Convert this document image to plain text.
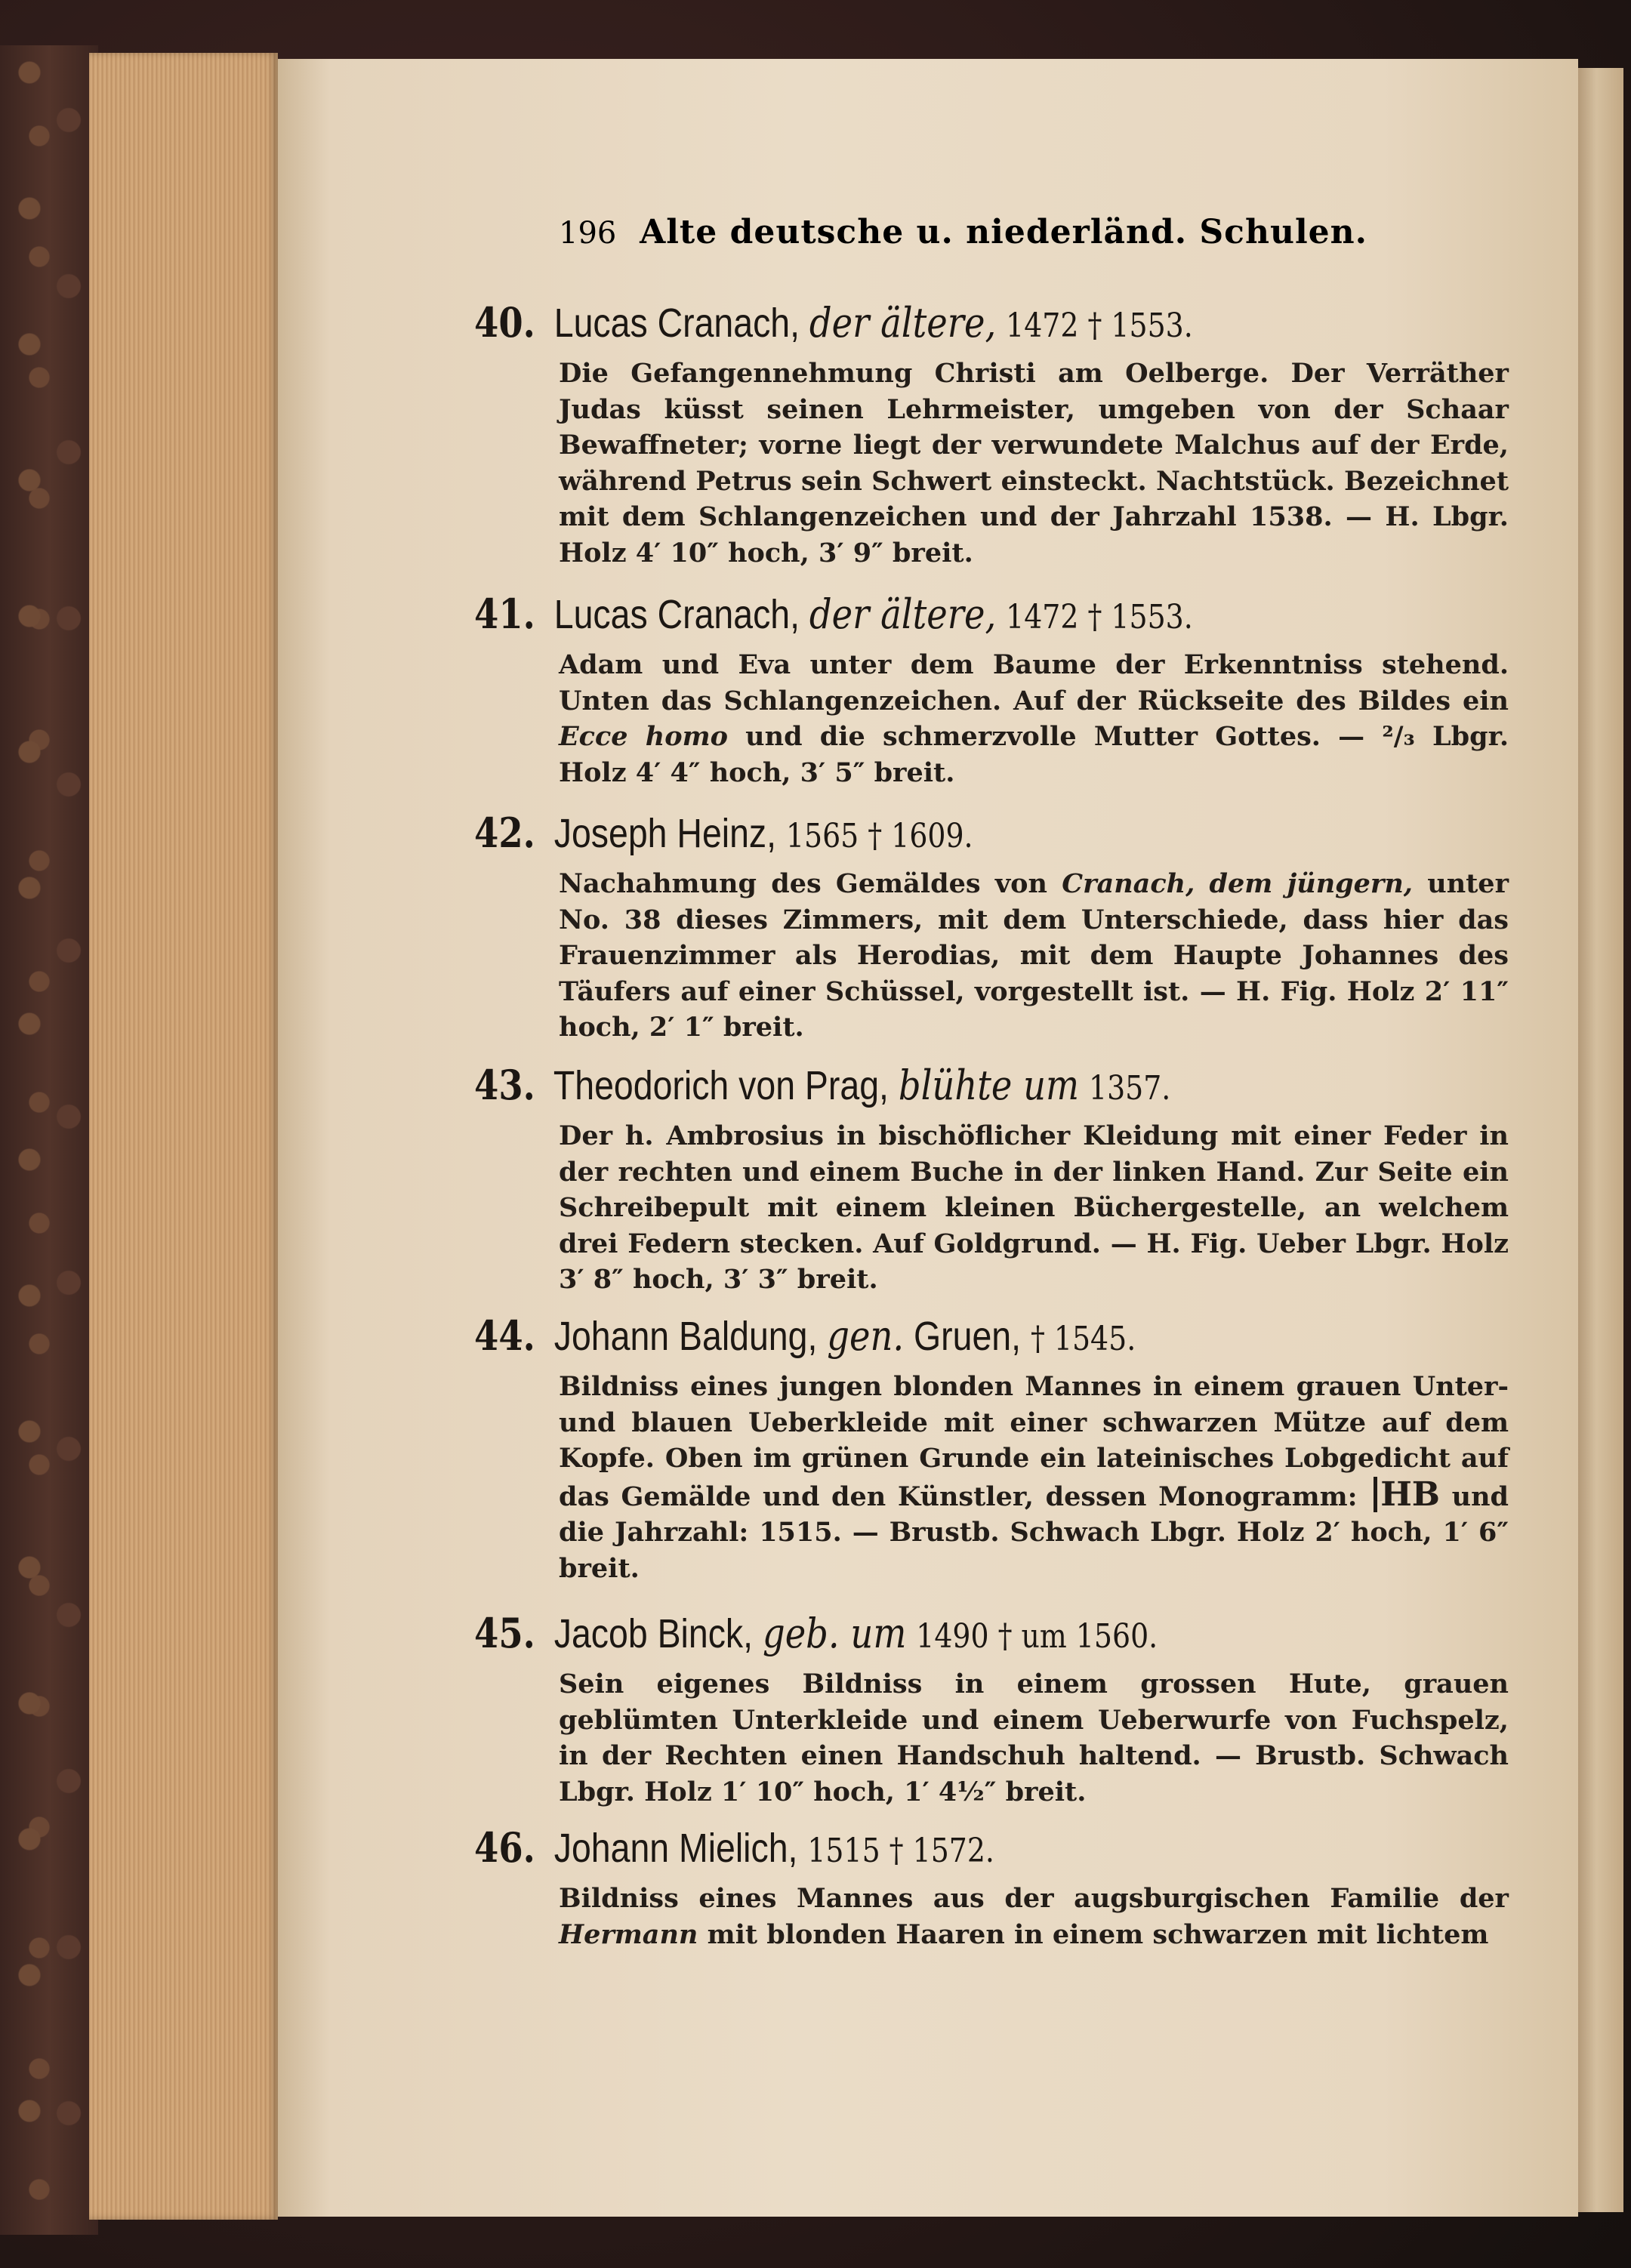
196 Alte deutsche u. niederländ. Schulen.
40. Lucas Cranach, der ältere, 1472 † 1553.

Die Gefangennehmung Christi am Oelberge. Der Verräther Judas küsst seinen Lehrmeister, umgeben von der Schaar Bewaffneter; vorne liegt der verwundete Malchus auf der Erde, während Petrus sein Schwert einsteckt. Nachtstück. Bezeichnet mit dem Schlangenzeichen und der Jahrzahl 1538. — H. Lbgr. Holz 4′ 10″ hoch, 3′ 9″ breit.

41. Lucas Cranach, der ältere, 1472 † 1553.

Adam und Eva unter dem Baume der Erkenntniss stehend. Unten das Schlangenzeichen. Auf der Rückseite des Bildes ein Ecce homo und die schmerzvolle Mutter Gottes. — ²/₃ Lbgr. Holz 4′ 4″ hoch, 3′ 5″ breit.

42. Joseph Heinz, 1565 † 1609.

Nachahmung des Gemäldes von Cranach, dem jüngern, unter No. 38 dieses Zimmers, mit dem Unterschiede, dass hier das Frauenzimmer als Herodias, mit dem Haupte Johannes des Täufers auf einer Schüssel, vorgestellt ist. — H. Fig. Holz 2′ 11″ hoch, 2′ 1″ breit.

43. Theodorich von Prag, blühte um 1357.

Der h. Ambrosius in bischöflicher Kleidung mit einer Feder in der rechten und einem Buche in der linken Hand. Zur Seite ein Schreibepult mit einem kleinen Büchergestelle, an welchem drei Federn stecken. Auf Goldgrund. — H. Fig. Ueber Lbgr. Holz 3′ 8″ hoch, 3′ 3″ breit.

44. Johann Baldung, gen. Gruen, † 1545.

Bildniss eines jungen blonden Mannes in einem grauen Unter- und blauen Ueberkleide mit einer schwarzen Mütze auf dem Kopfe. Oben im grünen Grunde ein lateinisches Lobgedicht auf das Gemälde und den Künstler, dessen Monogramm: HB und die Jahrzahl: 1515. — Brustb. Schwach Lbgr. Holz 2′ hoch, 1′ 6″ breit.

45. Jacob Binck, geb. um 1490 † um 1560.

Sein eigenes Bildniss in einem grossen Hute, grauen geblümten Unterkleide und einem Ueberwurfe von Fuchspelz, in der Rechten einen Handschuh haltend. — Brustb. Schwach Lbgr. Holz 1′ 10″ hoch, 1′ 4½″ breit.

46. Johann Mielich, 1515 † 1572.

Bildniss eines Mannes aus der augsburgischen Familie der Hermann mit blonden Haaren in einem schwarzen mit lichtem
